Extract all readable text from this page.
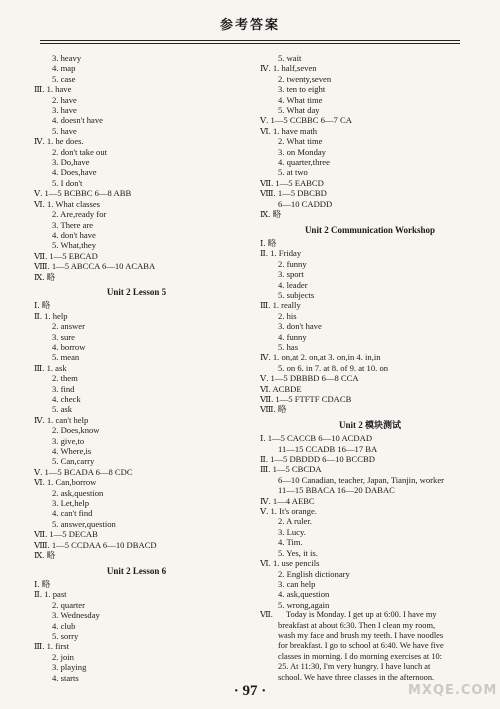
参考答案
3. heavy
4. map
5. case
Ⅲ. 1. have
2. have
3. have
4. doesn't have
5. have
Ⅳ. 1. he does.
2. don't take out
3. Do,have
4. Does,have
5. I don't
Ⅴ. 1—5 BCBBC 6—8 ABB
Ⅵ. 1. What classes
2. Are,ready for
3. There are
4. don't have
5. What,they
Ⅶ. 1—5 EBCAD
Ⅷ. 1—5 ABCCA 6—10 ACABA
Ⅸ. 略
Unit 2 Lesson 5
Ⅰ. 略
Ⅱ. 1. help
2. answer
3. sure
4. borrow
5. mean
Ⅲ. 1. ask
2. them
3. find
4. check
5. ask
Ⅳ. 1. can't help
2. Does,know
3. give,to
4. Where,is
5. Can,carry
Ⅴ. 1—5 BCADA 6—8 CDC
Ⅵ. 1. Can,borrow
2. ask,question
3. Let,help
4. can't find
5. answer,question
Ⅶ. 1—5 DECAB
Ⅷ. 1—5 CCDAA 6—10 DBACD
Ⅸ. 略
Unit 2 Lesson 6
Ⅰ. 略
Ⅱ. 1. past
2. quarter
3. Wednesday
4. club
5. sorry
Ⅲ. 1. first
2. join
3. playing
4. starts
5. wait
Ⅳ. 1. half,seven
2. twenty,seven
3. ten to eight
4. What time
5. What day
Ⅴ. 1—5 CCBBC 6—7 CA
Ⅵ. 1. have math
2. What time
3. on Monday
4. quarter,three
5. at two
Ⅶ. 1—5 EABCD
Ⅷ. 1—5 DBCBD
6—10 CADDD
Ⅸ. 略
Unit 2 Communication Workshop
Ⅰ. 略
Ⅱ. 1. Friday
2. funny
3. sport
4. leader
5. subjects
Ⅲ. 1. really
2. his
3. don't have
4. funny
5. has
Ⅳ. 1. on,at 2. on,at 3. on,in 4. in,in
5. on 6. in 7. at 8. of 9. at 10. on
Ⅴ. 1—5 DBBBD 6—8 CCA
Ⅵ. ACBDE
Ⅶ. 1—5 FTFTF CDACB
Ⅷ. 略
Unit 2 模块测试
Ⅰ. 1—5 CACCB 6—10 ACDAD
11—15 CCADB 16—17 BA
Ⅱ. 1—5 DBDDD 6—10 BCCBD
Ⅲ. 1—5 CBCDA
6—10 Canadian, teacher, Japan, Tianjin, worker
11—15 BBACA 16—20 DABAC
Ⅳ. 1—4 AEBC
Ⅴ. 1. It's orange.
2. A ruler.
3. Lucy.
4. Tim.
5. Yes, it is.
Ⅵ. 1. use pencils
2. English dictionary
3. can help
4. ask,question
5. wrong,again
Ⅶ. Today is Monday. I get up at 6:00. I have my
breakfast at about 6:30. Then I clean my room,
wash my face and brush my teeth. I have noodles
for breakfast. I go to school at 6:40. We have five
classes in morning. I do morning exercises at 10:
25. At 11:30, I'm very hungry. I have lunch at
school. We have three classes in the afternoon.
· 97 ·	MXQE.COM
